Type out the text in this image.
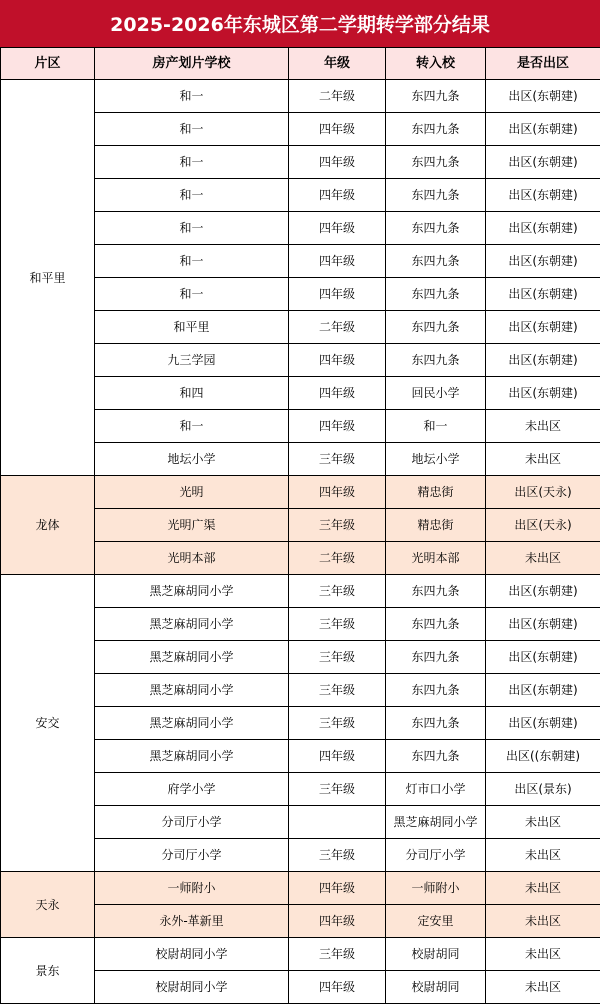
2025-2026年东城区第二学期转学部分结果
片区	房产划片学校	年级	转入校	是否出区
和平里	和一	二年级	东四九条	出区(东朝建)
	和一	四年级	东四九条	出区(东朝建)
	和一	四年级	东四九条	出区(东朝建)
	和一	四年级	东四九条	出区(东朝建)
	和一	四年级	东四九条	出区(东朝建)
	和一	四年级	东四九条	出区(东朝建)
	和一	四年级	东四九条	出区(东朝建)
	和平里	二年级	东四九条	出区(东朝建)
	九三学园	四年级	东四九条	出区(东朝建)
	和四	四年级	回民小学	出区(东朝建)
	和一	四年级	和一	未出区
	地坛小学	三年级	地坛小学	未出区
龙体	光明	四年级	精忠街	出区(天永)
	光明广渠	三年级	精忠街	出区(天永)
	光明本部	二年级	光明本部	未出区
安交	黑芝麻胡同小学	三年级	东四九条	出区(东朝建)
	黑芝麻胡同小学	三年级	东四九条	出区(东朝建)
	黑芝麻胡同小学	三年级	东四九条	出区(东朝建)
	黑芝麻胡同小学	三年级	东四九条	出区(东朝建)
	黑芝麻胡同小学	三年级	东四九条	出区(东朝建)
	黑芝麻胡同小学	四年级	东四九条	出区((东朝建)
	府学小学	三年级	灯市口小学	出区(景东)
	分司厅小学		黑芝麻胡同小学	未出区
	分司厅小学	三年级	分司厅小学	未出区
天永	一师附小	四年级	一师附小	未出区
	永外-革新里	四年级	定安里	未出区
景东	校尉胡同小学	三年级	校尉胡同	未出区
	校尉胡同小学	四年级	校尉胡同	未出区
